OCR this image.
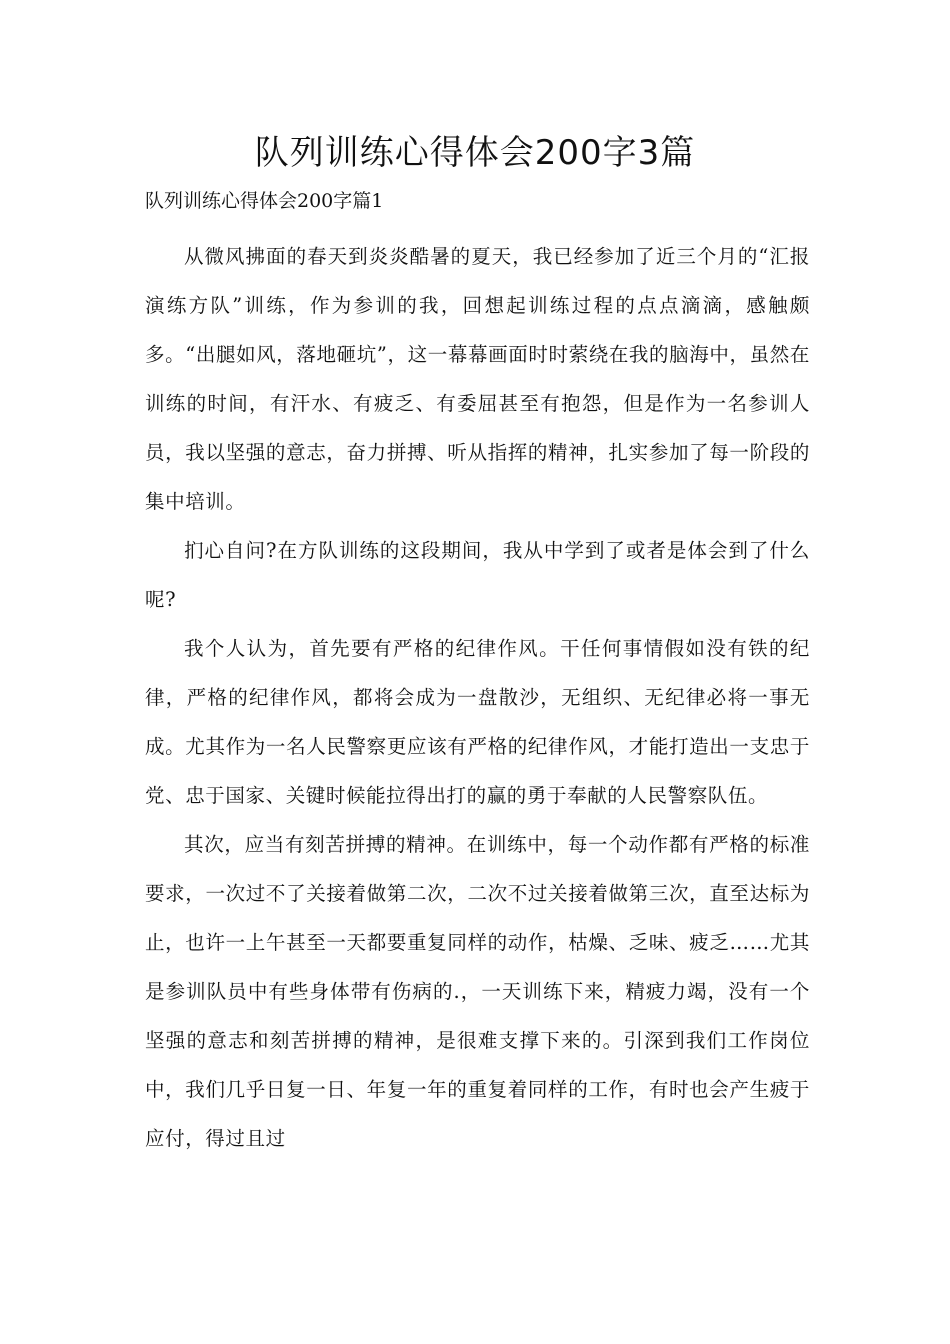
队列训练心得体会200字3篇
队列训练心得体会200字篇1

从微风拂面的春天到炎炎酷暑的夏天，我已经参加了近三个月的“汇报演练方队”训练，作为参训的我，回想起训练过程的点点滴滴，感触颇多。“出腿如风，落地砸坑”，这一幕幕画面时时萦绕在我的脑海中，虽然在训练的时间，有汗水、有疲乏、有委屈甚至有抱怨，但是作为一名参训人员，我以坚强的意志，奋力拼搏、听从指挥的精神，扎实参加了每一阶段的集中培训。

扪心自问?在方队训练的这段期间，我从中学到了或者是体会到了什么呢?

我个人认为，首先要有严格的纪律作风。干任何事情假如没有铁的纪律，严格的纪律作风，都将会成为一盘散沙，无组织、无纪律必将一事无成。尤其作为一名人民警察更应该有严格的纪律作风，才能打造出一支忠于党、忠于国家、关键时候能拉得出打的赢的勇于奉献的人民警察队伍。

其次，应当有刻苦拼搏的精神。在训练中，每一个动作都有严格的标准要求，一次过不了关接着做第二次，二次不过关接着做第三次，直至达标为止，也许一上午甚至一天都要重复同样的动作，枯燥、乏味、疲乏……尤其是参训队员中有些身体带有伤病的.，一天训练下来，精疲力竭，没有一个坚强的意志和刻苦拼搏的精神，是很难支撑下来的。引深到我们工作岗位中，我们几乎日复一日、年复一年的重复着同样的工作，有时也会产生疲于应付，得过且过
